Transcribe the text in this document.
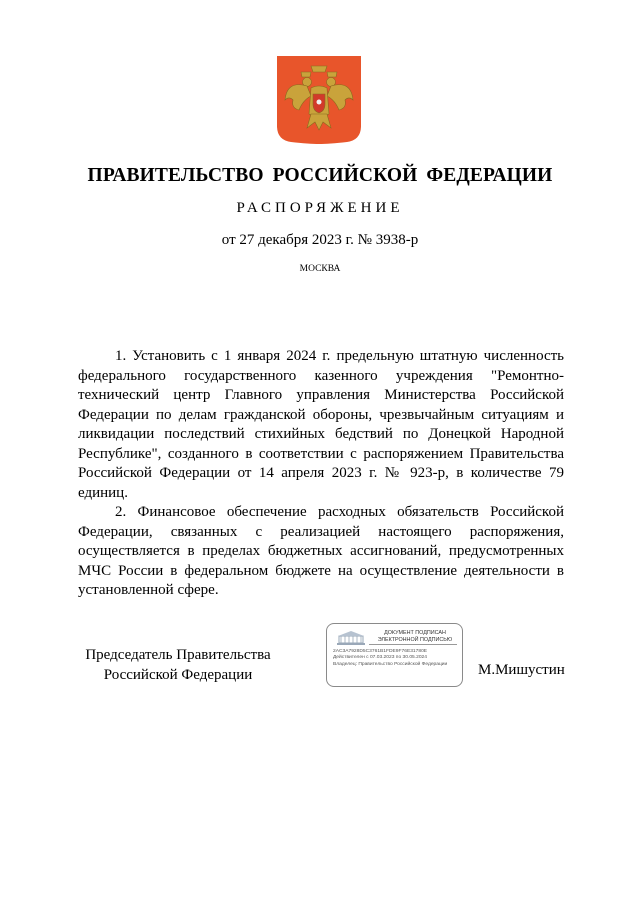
ПРАВИТЕЛЬСТВО РОССИЙСКОЙ ФЕДЕРАЦИИ
РАСПОРЯЖЕНИЕ
от 27 декабря 2023 г. № 3938-р
МОСКВА

1. Установить с 1 января 2024 г. предельную штатную численность федерального государственного казенного учреждения "Ремонтно-технический центр Главного управления Министерства Российской Федерации по делам гражданской обороны, чрезвычайным ситуациям и ликвидации последствий стихийных бедствий по Донецкой Народной Республике", созданного в соответствии с распоряжением Правительства Российской Федерации от 14 апреля 2023 г. № 923-р, в количестве 79 единиц.

2. Финансовое обеспечение расходных обязательств Российской Федерации, связанных с реализацией настоящего распоряжения, осуществляется в пределах бюджетных ассигнований, предусмотренных МЧС России в федеральном бюджете на осуществление деятельности в установленной сфере.

Председатель Правительства
Российской Федерации
ДОКУМЕНТ ПОДПИСАН
ЭЛЕКТРОННОЙ ПОДПИСЬЮ
2AC3A7928D5C3761B1FDE9F76E31780E
Действителен с 07.03.2023 по 30.05.2024
Владелец: Правительство Российской Федерации	М.Мишустин
